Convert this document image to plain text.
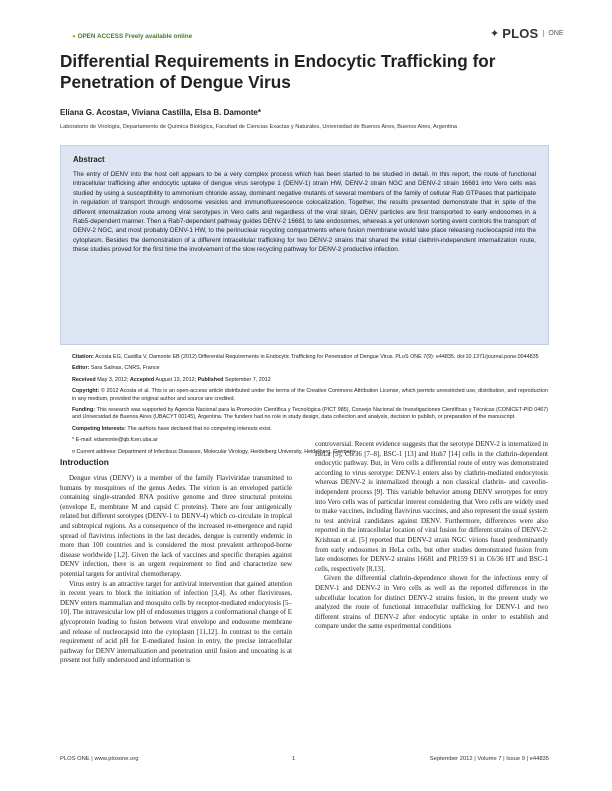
● OPEN ACCESS Freely available online	✦ PLOS	ONE
Differential Requirements in Endocytic Trafficking for Penetration of Dengue Virus
Eliana G. Acosta¤, Viviana Castilla, Elsa B. Damonte*
Laboratorio de Virología, Departamento de Química Biológica, Facultad de Ciencias Exactas y Naturales, Universidad de Buenos Aires, Buenos Aires, Argentina
Abstract

The entry of DENV into the host cell appears to be a very complex process which has been started to be studied in detail. In this report, the route of functional intracellular trafficking after endocytic uptake of dengue virus serotype 1 (DENV-1) strain HW, DENV-2 strain NGC and DENV-2 strain 16681 into Vero cells was studied by using a susceptibility to ammonium chloride assay, dominant negative mutants of several members of the family of cellular Rab GTPases that participate in regulation of transport through endosome vesicles and immunofluorescence colocalization. Together, the results presented demonstrate that in spite of the different internalization route among viral serotypes in Vero cells and regardless of the viral strain, DENV particles are first transported to early endosomes in a Rab5-dependent manner. Then a Rab7-dependent pathway guides DENV-2 16681 to late endosomes, whereas a yet unknown sorting event controls the transport of DENV-2 NGC, and most probably DENV-1 HW, to the perinuclear recycling compartments where fusion membrane would take place releasing nucleocapsid into the cytoplasm. Besides the demonstration of a different intracellular trafficking for two DENV-2 strains that shared the initial clathrin-independent internalization route, these studies proved for the first time the involvement of the slow recycling pathway for DENV-2 productive infection.

Citation: Acosta EG, Castilla V, Damonte EB (2012) Differential Requirements in Endocytic Trafficking for Penetration of Dengue Virus. PLoS ONE 7(9): e44835. doi:10.1371/journal.pone.0044835

Editor: Sara Salinas, CNRS, France

Received May 3, 2012; Accepted August 13, 2012; Published September 7, 2012

Copyright: © 2012 Acosta et al. This is an open-access article distributed under the terms of the Creative Commons Attribution License, which permits unrestricted use, distribution, and reproduction in any medium, provided the original author and source are credited.

Funding: This research was supported by Agencia Nacional para la Promoción Científica y Tecnológica (PICT 985), Consejo Nacional de Investigaciones Científicas y Técnicas (CONICET-PID 0467) and Universidad de Buenos Aires (UBACYT 00145), Argentina. The funders had no role in study design, data collection and analysis, decision to publish, or preparation of the manuscript.

Competing Interests: The authors have declared that no competing interests exist.

* E-mail: edamonte@qb.fcen.uba.ar

¤ Current address: Department of Infectious Diseases, Molecular Virology, Heidelberg University, Heidelberg, Germany

Introduction

Dengue virus (DENV) is a member of the family Flaviviridae transmitted to humans by mosquitoes of the genus Aedes. The virion is an enveloped particle containing single-stranded RNA positive genome and three structural proteins (envelope E, membrane M and capsid C proteins). There are four antigenically related but different serotypes (DENV-1 to DENV-4) which co-circulate in tropical and subtropical regions. As a consequence of the increased re-emergence and rapid spread of flavivirus infections in the last decades, dengue is currently endemic in more than 100 countries and is considered the most prevalent arthropod-borne disease worldwide [1,2]. Given the lack of vaccines and specific therapies against DENV infection, there is an urgent requirement to find and characterize new potential targets for antiviral chemotherapy.

Virus entry is an attractive target for antiviral intervention that gained attention in recent years to block the initiation of infection [3,4]. As other flaviviruses, DENV enters mammalian and mosquito cells by receptor-mediated endocytosis [5–10]. The intravesicular low pH of endosomes triggers a conformational change of E glycoprotein leading to fusion between viral envelope and endosome membrane and release of nucleocapsid into the cytoplasm [11,12]. In contrast to the certain requirement of acid pH for E-mediated fusion in entry, the precise intracellular pathway for DENV internalization and penetration until fusion and uncoating is at present not fully understood and information is

controversial. Recent evidence suggests that the serotype DENV-2 is internalized in HeLa [5], C6/36 [7–8], BSC-1 [13] and Huh7 [14] cells in the clathrin-dependent endocytic pathway. But, in Vero cells a differential route of entry was demonstrated according to virus serotype: DENV-1 enters also by clathrin-mediated endocytosis whereas DENV-2 is internalized through a non classical clathrin- and caveolin- independent process [9]. This variable behavior among DENV serotypes for entry into Vero cells was of particular interest considering that Vero cells are widely used to make vaccines, including flavivirus vaccines, and also represent the usual system to test antiviral candidates against DENV. Furthermore, differences were also reported in the intracellular location of viral fusion for different strains of DENV-2: Krishnan et al. [5] reported that DENV-2 strain NGC virions fused predominantly from early endosomes in HeLa cells, but other studies demonstrated fusion from late endosomes for DENV-2 strains 16681 and PR159 S1 in C6/36 HT and BSC-1 cells, respectively [8,13].

Given the differential clathrin-dependence shown for the infectious entry of DENV-1 and DENV-2 in Vero cells as well as the reported differences in the subcellular location for distinct DENV-2 strains fusion, in the present study we analyzed the route of functional intracellular trafficking for DENV-1 and two different strains of DENV-2 after endocytic uptake in order to establish and compare under the same experimental conditions

PLOS ONE | www.plosone.org	1	September 2012 | Volume 7 | Issue 9 | e44835
